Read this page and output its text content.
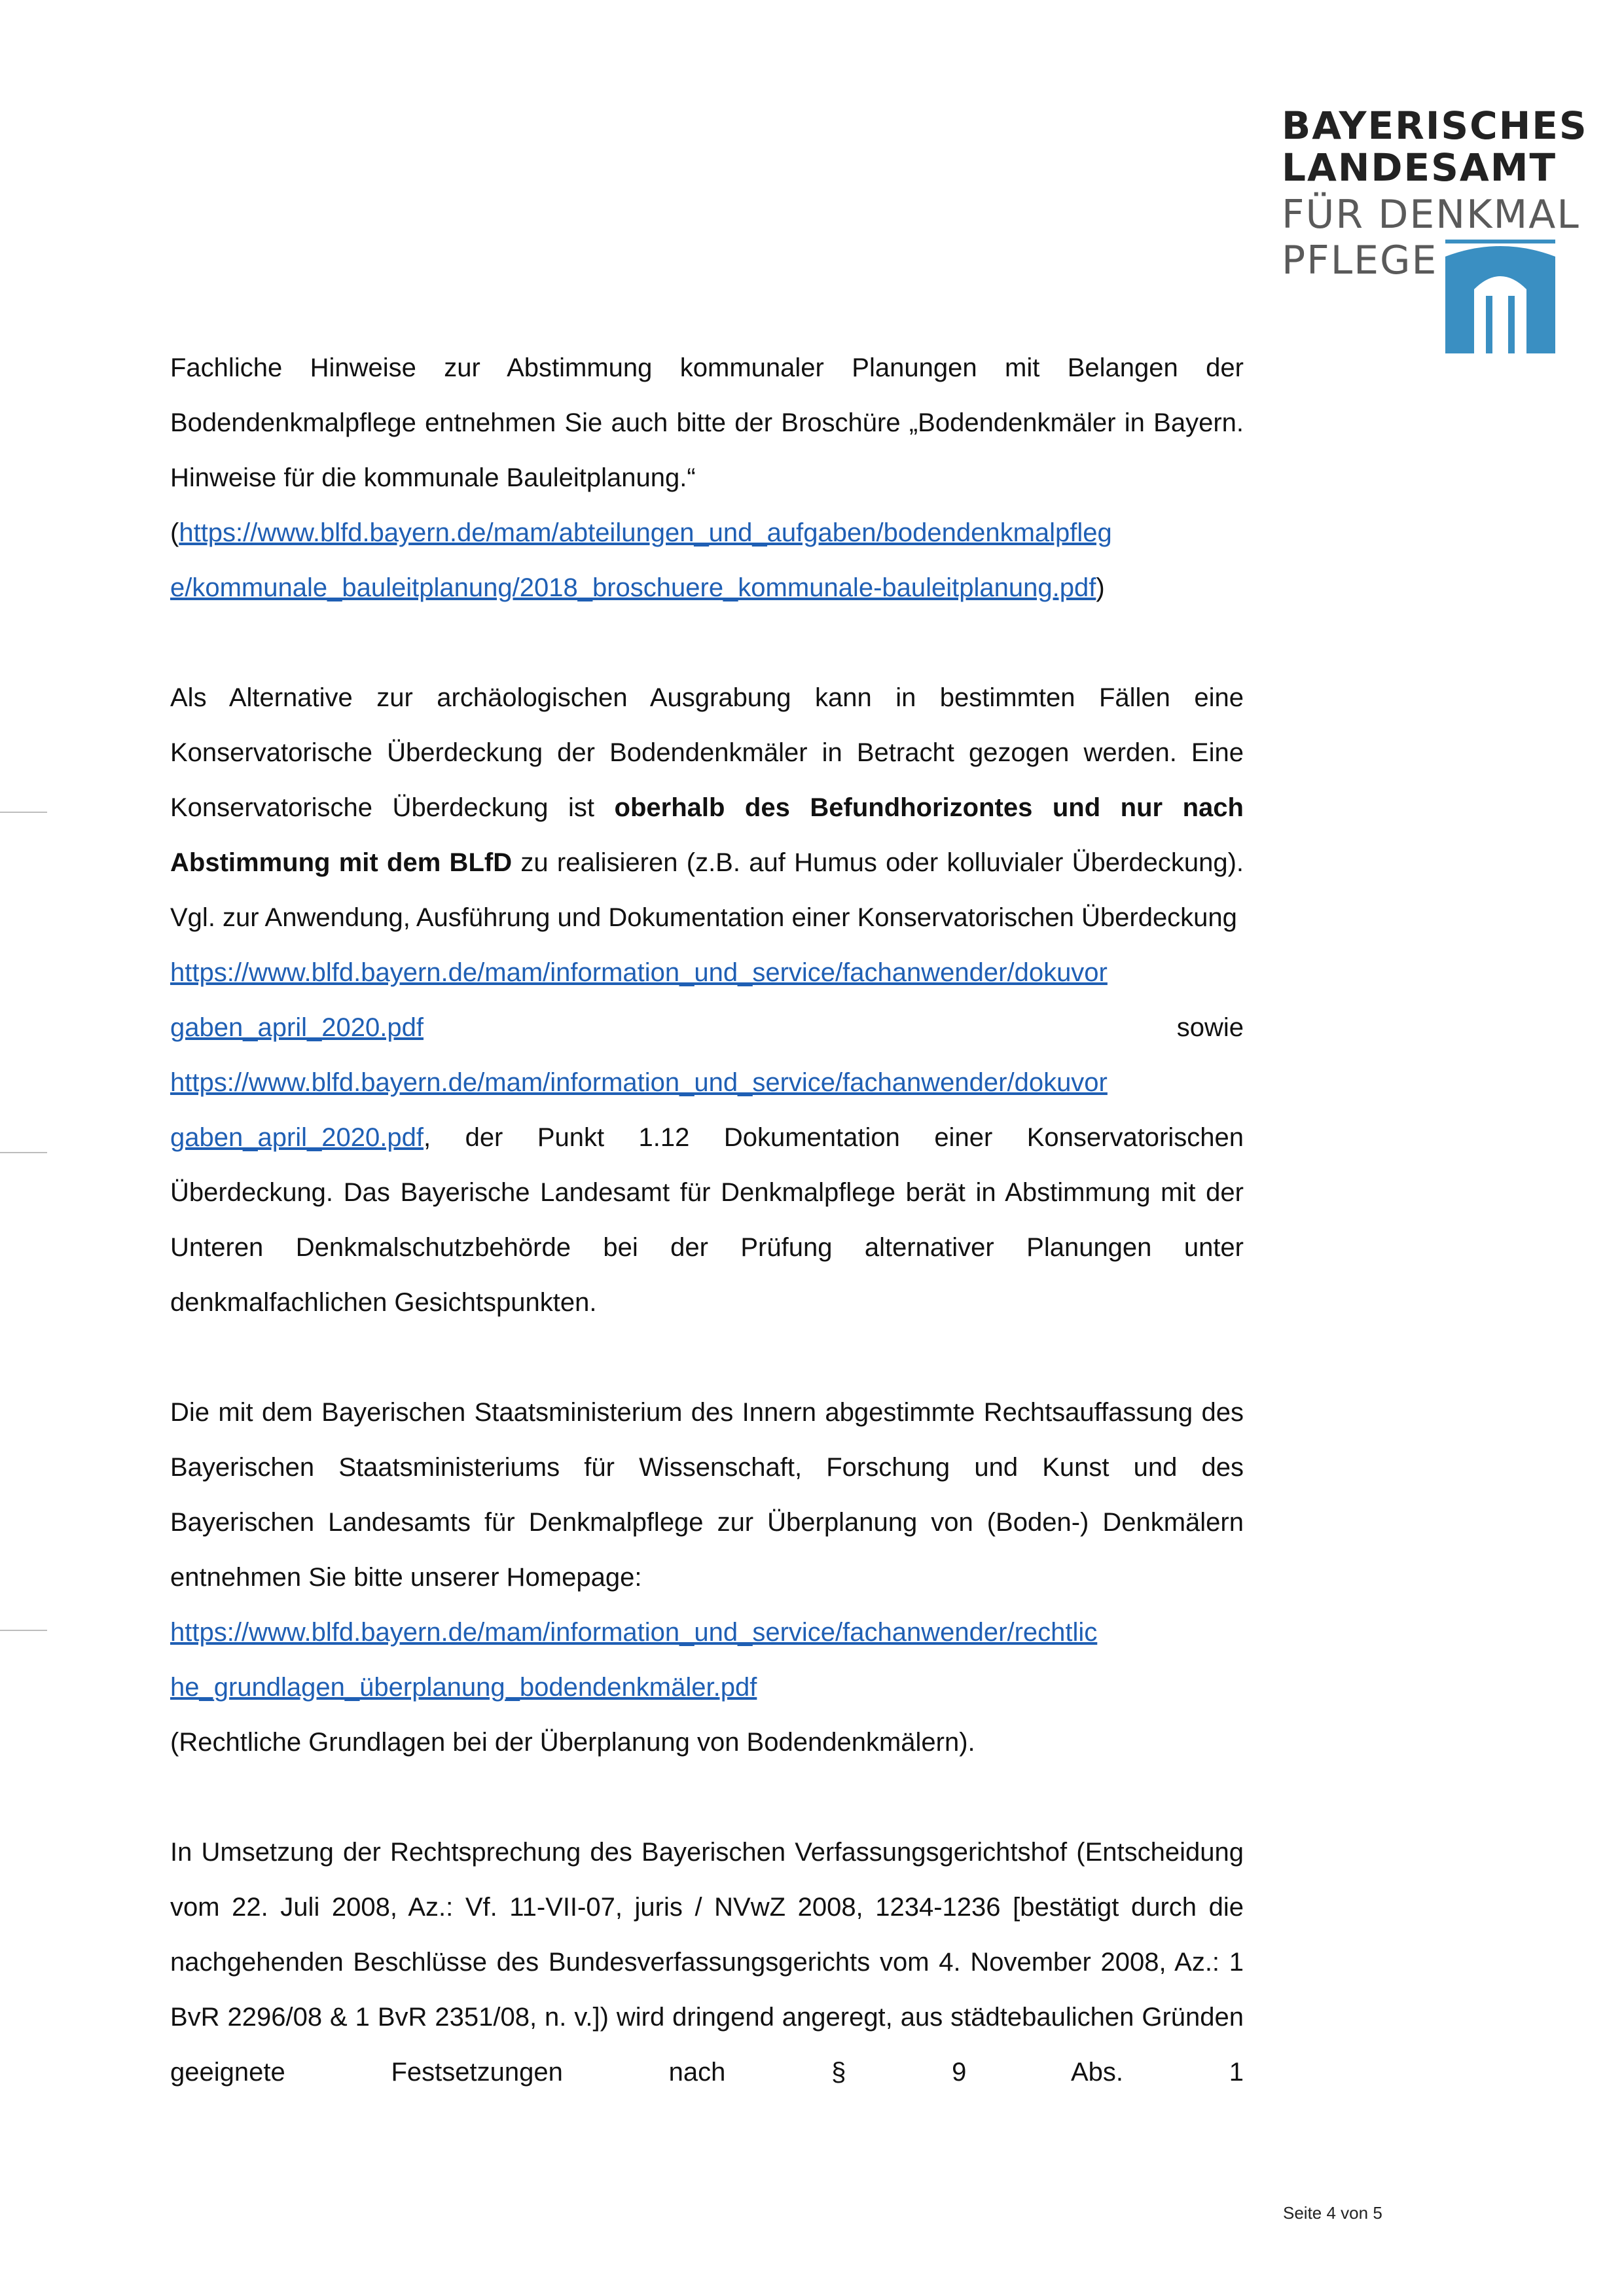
BAYERISCHES
LANDESAMT
FÜR DENKMAL
PFLEGE

Fachliche Hinweise zur Abstimmung kommunaler Planungen mit Belangen der Bodendenkmalpflege entnehmen Sie auch bitte der Broschüre „Bodendenkmäler in Bayern. Hinweise für die kommunale Bauleitplanung.“
(https://www.blfd.bayern.de/mam/abteilungen_und_aufgaben/bodendenkmalpfleg
e/kommunale_bauleitplanung/2018_broschuere_kommunale-bauleitplanung.pdf)

Als Alternative zur archäologischen Ausgrabung kann in bestimmten Fällen eine Konservatorische Überdeckung der Bodendenkmäler in Betracht gezogen werden. Eine Konservatorische Überdeckung ist oberhalb des Befundhorizontes und nur nach Abstimmung mit dem BLfD zu realisieren (z.B. auf Humus oder kolluvialer Überdeckung). Vgl. zur Anwendung, Ausführung und Dokumentation einer Konservatorischen Überdeckung

https://www.blfd.bayern.de/mam/information_und_service/fachanwender/dokuvor

gaben_april_2020.pdf	sowie

https://www.blfd.bayern.de/mam/information_und_service/fachanwender/dokuvor

gaben_april_2020.pdf, der Punkt 1.12 Dokumentation einer Konservatorischen Überdeckung. Das Bayerische Landesamt für Denkmalpflege berät in Abstimmung mit der Unteren Denkmalschutzbehörde bei der Prüfung alternativer Planungen unter denkmalfachlichen Gesichtspunkten.

Die mit dem Bayerischen Staatsministerium des Innern abgestimmte Rechtsauffassung des Bayerischen Staatsministeriums für Wissenschaft, Forschung und Kunst und des Bayerischen Landesamts für Denkmalpflege zur Überplanung von (Boden-) Denkmälern entnehmen Sie bitte unserer Homepage:
https://www.blfd.bayern.de/mam/information_und_service/fachanwender/rechtlic
he_grundlagen_überplanung_bodendenkmäler.pdf
(Rechtliche Grundlagen bei der Überplanung von Bodendenkmälern).

In Umsetzung der Rechtsprechung des Bayerischen Verfassungsgerichtshof (Entscheidung vom 22. Juli 2008, Az.: Vf. 11-VII-07, juris / NVwZ 2008, 1234-1236 [bestätigt durch die nachgehenden Beschlüsse des Bundesverfassungsgerichts vom 4. November 2008, Az.: 1 BvR 2296/08 & 1 BvR 2351/08, n. v.]) wird dringend angeregt, aus städtebaulichen Gründen geeignete Festsetzungen nach § 9 Abs. 1

Seite 4 von 5
